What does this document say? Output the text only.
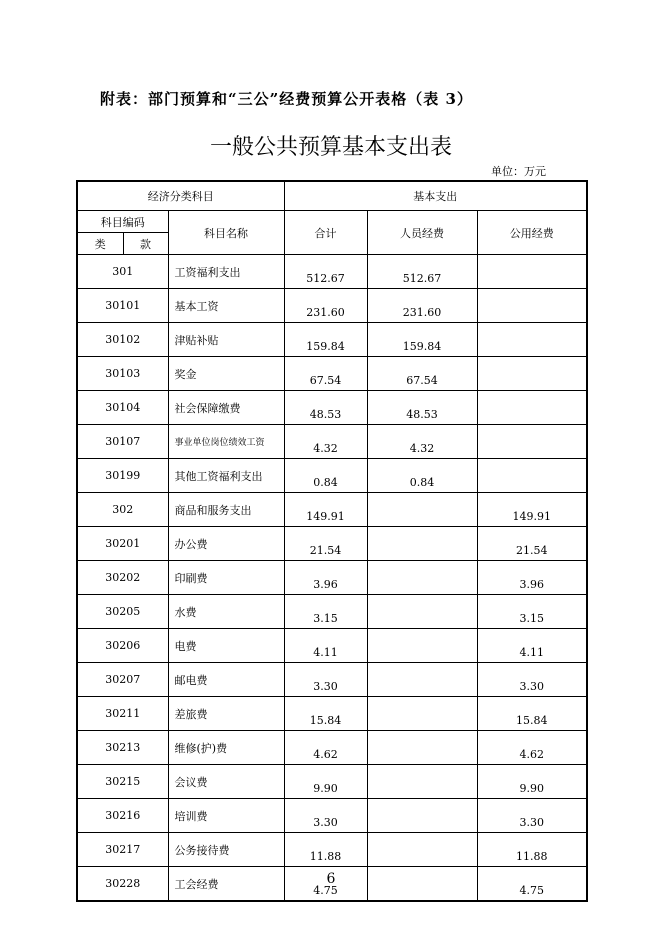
附表：部门预算和“三公”经费预算公开表格（表 3）
一般公共预算基本支出表
单位：万元
经济分类科目			基本支出		
科目编码		科目名称	合计	人员经费	公用经费
类	款				
301		工资福利支出	512.67	512.67	
30101		基本工资	231.60	231.60	
30102		津贴补贴	159.84	159.84	
30103		奖金	67.54	67.54	
30104		社会保障缴费	48.53	48.53	
30107		事业单位岗位绩效工资	4.32	4.32	
30199		其他工资福利支出	0.84	0.84	
302		商品和服务支出	149.91		149.91
30201		办公费	21.54		21.54
30202		印刷费	3.96		3.96
30205		水费	3.15		3.15
30206		电费	4.11		4.11
30207		邮电费	3.30		3.30
30211		差旅费	15.84		15.84
30213		维修(护)费	4.62		4.62
30215		会议费	9.90		9.90
30216		培训费	3.30		3.30
30217		公务接待费	11.88		11.88
30228		工会经费	4.75		4.75
6
